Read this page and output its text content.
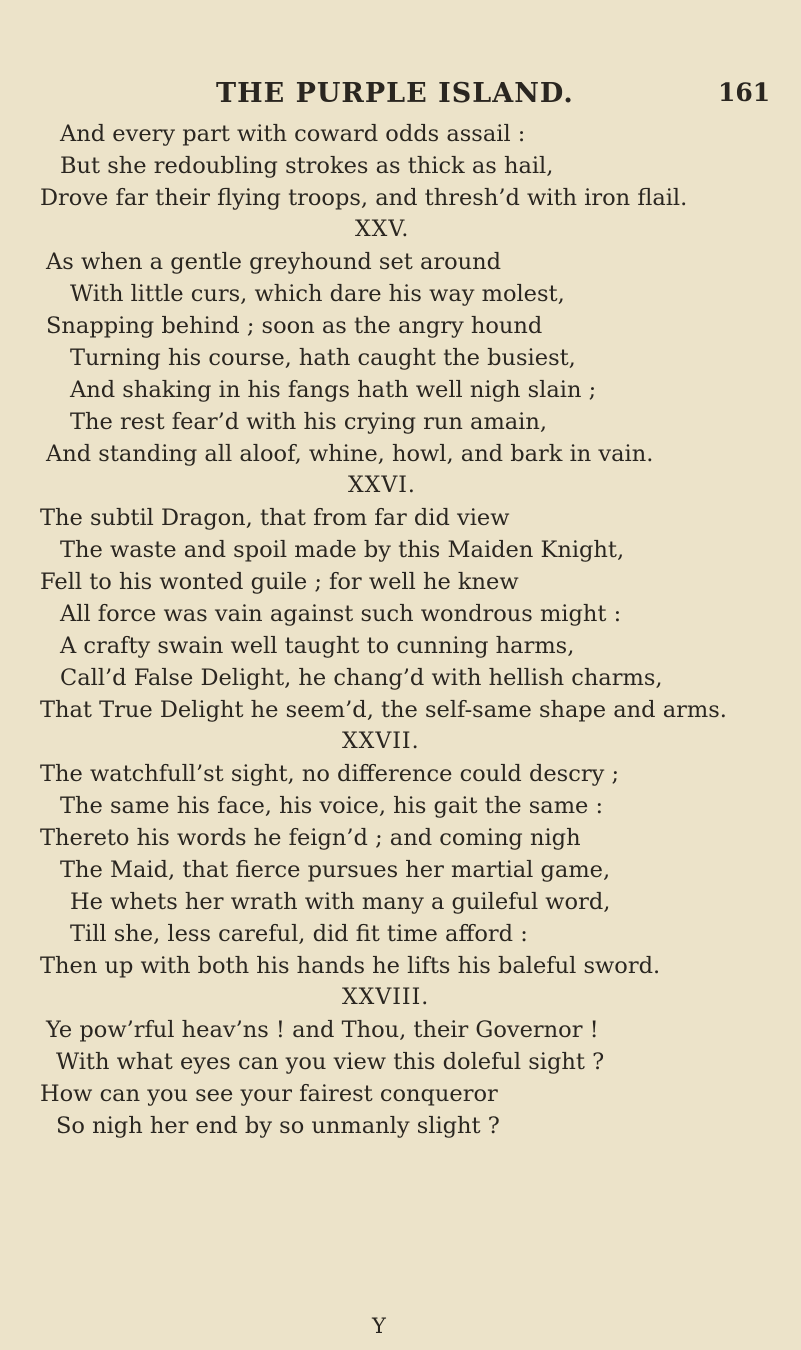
THE PURPLE ISLAND.	161
And every part with coward odds assail :
But she redoubling strokes as thick as hail,
Drove far their flying troops, and thresh’d with iron flail.
XXV.
As when a gentle greyhound set around
With little curs, which dare his way molest,
Snapping behind ; soon as the angry hound
Turning his course, hath caught the busiest,
And shaking in his fangs hath well nigh slain ;
The rest fear’d with his crying run amain,
And standing all aloof, whine, howl, and bark in vain.
XXVI.
The subtil Dragon, that from far did view
The waste and spoil made by this Maiden Knight,
Fell to his wonted guile ; for well he knew
All force was vain against such wondrous might :
A crafty swain well taught to cunning harms,
Call’d False Delight, he chang’d with hellish charms,
That True Delight he seem’d, the self-same shape and arms.
XXVII.
The watchfull’st sight, no difference could descry ;
The same his face, his voice, his gait the same :
Thereto his words he feign’d ; and coming nigh
The Maid, that fierce pursues her martial game,
He whets her wrath with many a guileful word,
Till she, less careful, did fit time afford :
Then up with both his hands he lifts his baleful sword.
XXVIII.
Ye pow’rful heav’ns ! and Thou, their Governor !
With what eyes can you view this doleful sight ?
How can you see your fairest conqueror
So nigh her end by so unmanly slight ?
Y
